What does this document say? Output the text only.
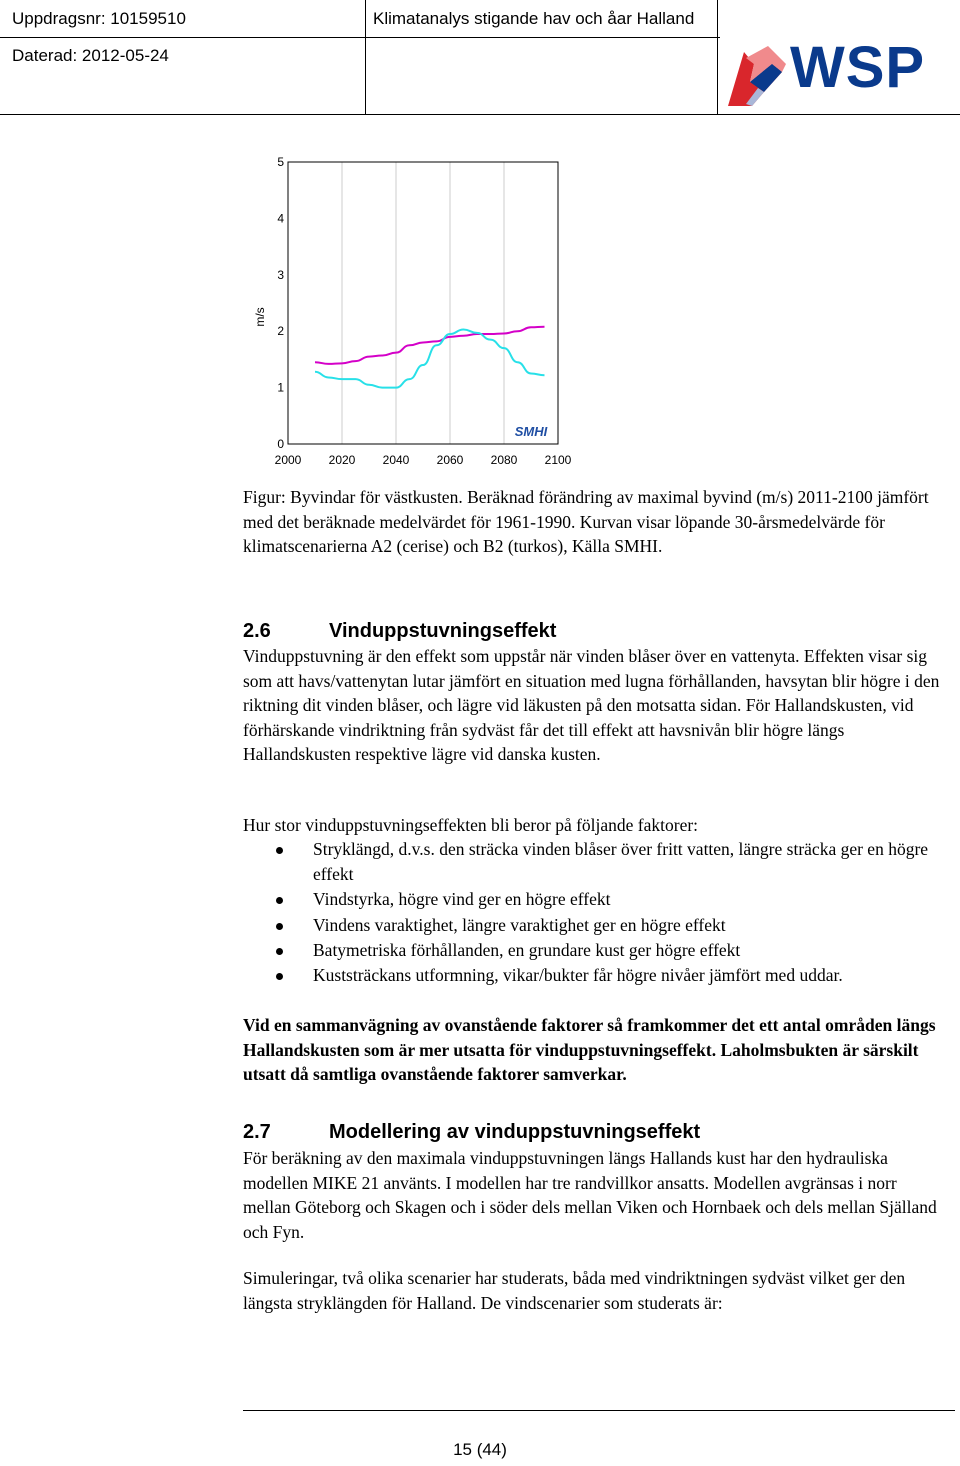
Uppdragsnr: 10159510	Klimatanalys stigande hav och åar Halland
Daterad: 2012-05-24	WSP
2000 2020 2040 2060 2080 2100
0
1
2
3
4
5
m/s
SMHI
Figur: Byvindar för västkusten. Beräknad förändring av maximal byvind (m/s) 2011-2100 jämfört med det beräknade medelvärdet för 1961-1990. Kurvan visar löpande 30-årsmedelvärde för klimatscenarierna A2 (cerise) och B2 (turkos), Källa SMHI.
2.6	Vinduppstuvningseffekt
Vinduppstuvning är den effekt som uppstår när vinden blåser över en vattenyta. Effekten visar sig som att havs/vattenytan lutar jämfört en situation med lugna förhållanden, havsytan blir högre i den riktning dit vinden blåser, och lägre vid läkusten på den motsatta sidan. För Hallandskusten, vid förhärskande vindriktning från sydväst får det till effekt att havsnivån blir högre längs Hallandskusten respektive lägre vid danska kusten.
Hur stor vinduppstuvningseffekten bli beror på följande faktorer:
Stryklängd, d.v.s. den sträcka vinden blåser över fritt vatten, längre sträcka ger en högre effekt
Vindstyrka, högre vind ger en högre effekt
Vindens varaktighet, längre varaktighet ger en högre effekt
Batymetriska förhållanden, en grundare kust ger högre effekt
Kuststräckans utformning, vikar/bukter får högre nivåer jämfört med uddar.
Vid en sammanvägning av ovanstående faktorer så framkommer det ett antal områden längs Hallandskusten som är mer utsatta för vinduppstuvningseffekt. Laholmsbukten är särskilt utsatt då samtliga ovanstående faktorer samverkar.
2.7	Modellering av vinduppstuvningseffekt
För beräkning av den maximala vinduppstuvningen längs Hallands kust har den hydrauliska modellen MIKE 21 använts. I modellen har tre randvillkor ansatts. Modellen avgränsas i norr mellan Göteborg och Skagen och i söder dels mellan Viken och Hornbaek och dels mellan Själland och Fyn.
Simuleringar, två olika scenarier har studerats, båda med vindriktningen sydväst vilket ger den längsta stryklängden för Halland. De vindscenarier som studerats är:
15 (44)
